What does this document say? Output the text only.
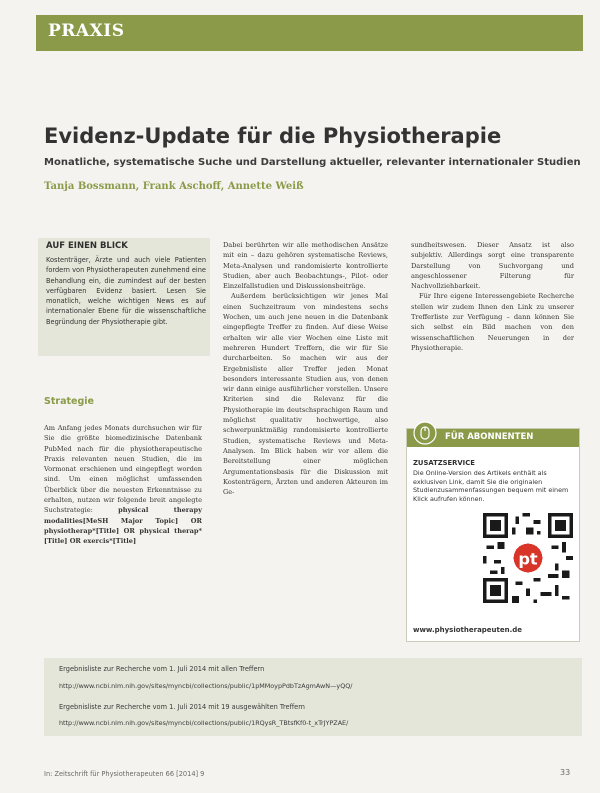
PRAXIS
Evidenz-Update für die Physiotherapie
Monatliche, systematische Suche und Darstellung aktueller, relevanter internationaler Studien
Tanja Bossmann, Frank Aschoff, Annette Weiß
AUF EINEN BLICK
Kostenträger, Ärzte und auch viele Patienten fordern von Physiotherapeuten zunehmend eine Behandlung ein, die zumindest auf der besten verfügbaren Evidenz basiert. Lesen Sie monatlich, welche wichtigen News es auf internationaler Ebene für die wissenschaftliche Begründung der Physiotherapie gibt.
Strategie
Am Anfang jedes Monats durchsuchen wir für Sie die größte biomedizinische Datenbank PubMed nach für die physiotherapeutische Praxis relevanten neuen Studien, die im Vormonat erschienen und eingepflegt worden sind. Um einen möglichst umfassenden Überblick über die neuesten Erkenntnisse zu erhalten, nutzen wir folgende breit angelegte Suchstrategie:	physical therapy modalities[MeSH Major Topic] OR physiotherap*[Title] OR physical therap*[Title] OR exercis*[Title]
Dabei berührten wir alle methodischen Ansätze mit ein – dazu gehören systematische Reviews, Meta-Analysen und randomisierte kontrollierte Studien, aber auch Beobachtungs-, Pilot- oder Einzelfallstudien und Diskussionsbeiträge.
Außerdem berücksichtigen wir jenes Mal einen Suchzeitraum von mindestens sechs Wochen, um auch jene neuen in die Datenbank eingepflegte Treffer zu finden. Auf diese Weise erhalten wir alle vier Wochen eine Liste mit mehreren Hundert Treffern, die wir für Sie durcharbeiten. So machen wir aus der Ergebnisliste aller Treffer jeden Monat besonders interessante Studien aus, von denen wir dann einige ausführlicher vorstellen. Unsere Kriterien sind die Relevanz für die Physiotherapie im deutschsprachigen Raum und möglichst qualitativ hochwertige, also schwerpunktmäßig randomisierte kontrollierte Studien, systematische Reviews und Meta-Analysen. Im Blick haben wir vor allem die Bereitstellung einer möglichen Argumentationsbasis für die Diskussion mit Kostenträgern, Ärzten und anderen Akteuren im Ge-
sundheitswesen. Dieser Ansatz ist also subjektiv. Allerdings sorgt eine transparente Darstellung von Suchvorgang und angeschlossener Filterung für Nachvollziehbarkeit.
Für Ihre eigene Interessengebiete Recherche stellen wir zudem Ihnen den Link zu unserer Trefferliste zur Verfügung – dann können Sie sich selbst ein Bild machen von den wissenschaftlichen Neuerungen in der Physiotherapie.
FÜR ABONNENTEN
ZUSATZSERVICE
Die Online-Version des Artikels enthält als exklusiven Link, damit Sie die originalen Studienzusammenfassungen bequem mit einem Klick aufrufen können.
pt
www.physiotherapeuten.de
Ergebnisliste zur Recherche vom 1. Juli 2014 mit allen Treffern
http://www.ncbi.nlm.nih.gov/sites/myncbi/collections/public/1pMMoypPdbTzAgmAwN—yQQ/
Ergebnisliste zur Recherche vom 1. Juli 2014 mit 19 ausgewählten Treffern
http://www.ncbi.nlm.nih.gov/sites/myncbi/collections/public/1RQysR_TBtsfKf0-t_xTrJYPZAE/
In: Zeitschrift für Physiotherapeuten 66 [2014] 9	33
